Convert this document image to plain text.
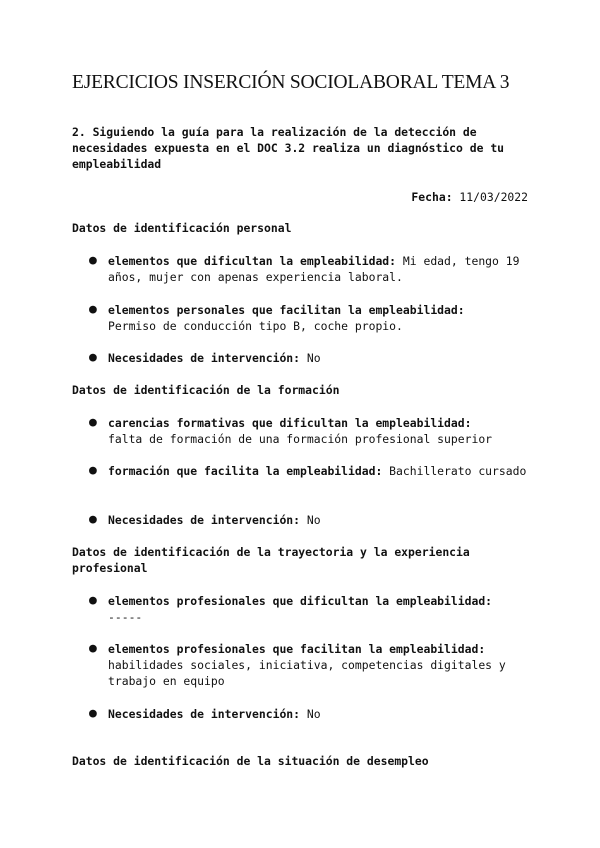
EJERCICIOS INSERCIÓN SOCIOLABORAL TEMA 3

2. Siguiendo la guía para la realización de la detección de necesidades expuesta en el DOC 3.2 realiza un diagnóstico de tu empleabilidad

Fecha: 11/03/2022

Datos de identificación personal

● elementos que dificultan la empleabilidad: Mi edad, tengo 19 años, mujer con apenas experiencia laboral.

● elementos personales que facilitan la empleabilidad:
Permiso de conducción tipo B, coche propio.

● Necesidades de intervención: No

Datos de identificación de la formación

● carencias formativas que dificultan la empleabilidad:
falta de formación de una formación profesional superior

● formación que facilita la empleabilidad: Bachillerato cursado

● Necesidades de intervención: No

Datos de identificación de la trayectoria y la experiencia profesional

● elementos profesionales que dificultan la empleabilidad:
-----

● elementos profesionales que facilitan la empleabilidad:
habilidades sociales, iniciativa, competencias digitales y trabajo en equipo

● Necesidades de intervención: No

Datos de identificación de la situación de desempleo
